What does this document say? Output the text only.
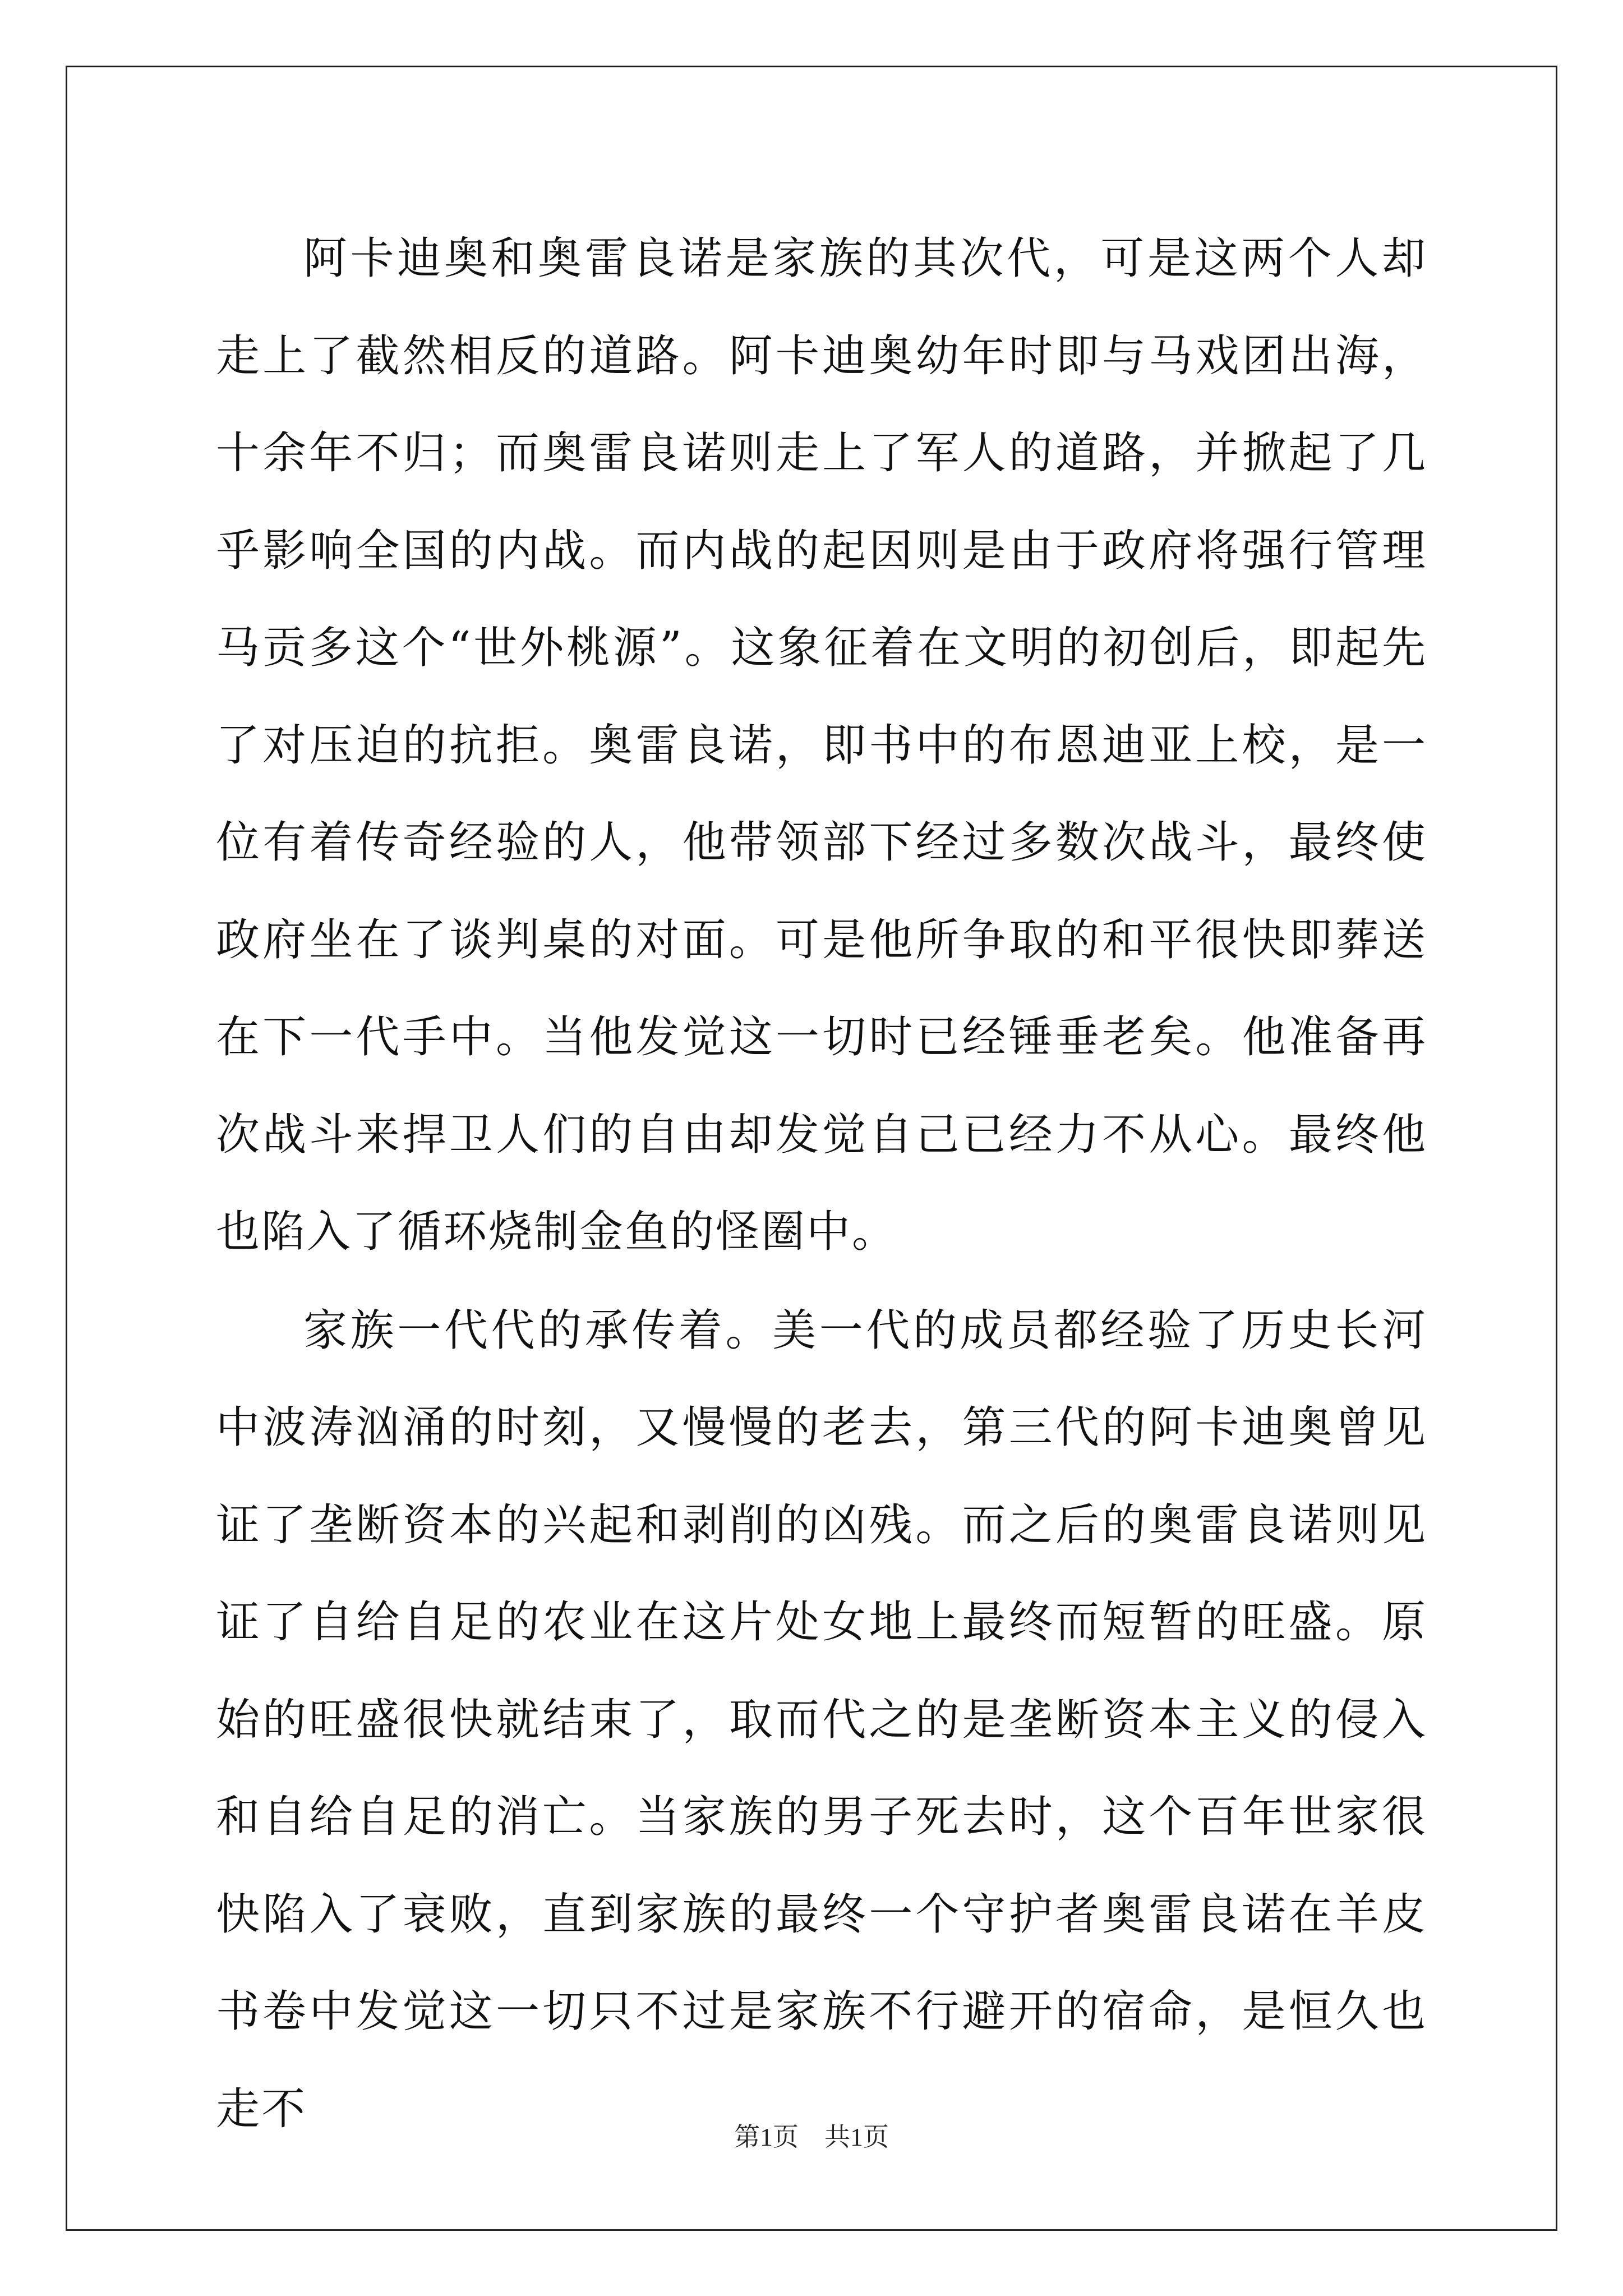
阿卡迪奥和奥雷良诺是家族的其次代，可是这两个人却走上了截然相反的道路。阿卡迪奥幼年时即与马戏团出海，十余年不归；而奥雷良诺则走上了军人的道路，并掀起了几乎影响全国的内战。而内战的起因则是由于政府将强行管理马贡多这个“世外桃源”。这象征着在文明的初创后，即起先了对压迫的抗拒。奥雷良诺，即书中的布恩迪亚上校，是一位有着传奇经验的人，他带领部下经过多数次战斗，最终使政府坐在了谈判桌的对面。可是他所争取的和平很快即葬送在下一代手中。当他发觉这一切时已经锤垂老矣。他准备再次战斗来捍卫人们的自由却发觉自己已经力不从心。最终他也陷入了循环烧制金鱼的怪圈中。

家族一代代的承传着。美一代的成员都经验了历史长河中波涛汹涌的时刻，又慢慢的老去，第三代的阿卡迪奥曾见证了垄断资本的兴起和剥削的凶残。而之后的奥雷良诺则见证了自给自足的农业在这片处女地上最终而短暂的旺盛。原始的旺盛很快就结束了，取而代之的是垄断资本主义的侵入和自给自足的消亡。当家族的男子死去时，这个百年世家很快陷入了衰败，直到家族的最终一个守护者奥雷良诺在羊皮书卷中发觉这一切只不过是家族不行避开的宿命，是恒久也走不

第1页　共1页
